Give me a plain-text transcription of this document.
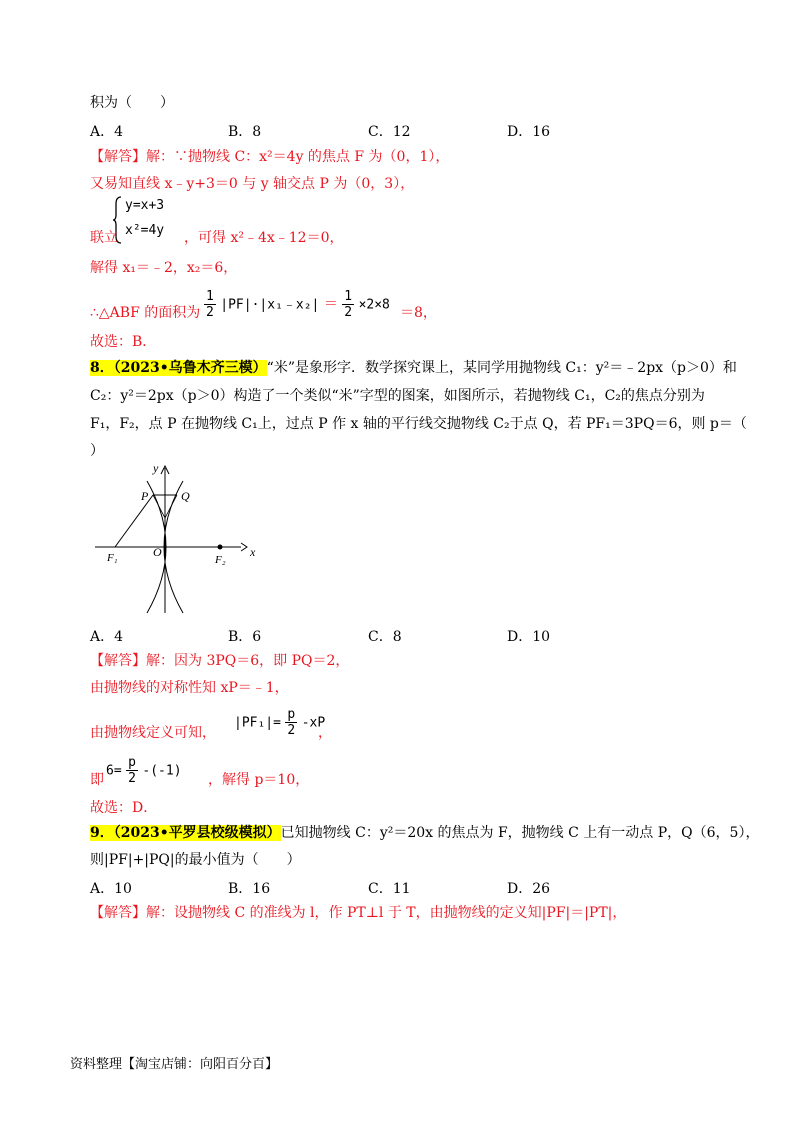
积为（　　）
A．4	B．8	C．12	D．16
【解答】解：∵抛物线 C：x²＝4y 的焦点 F 为（0，1），
又易知直线 x﹣y+3＝0 与 y 轴交点 P 为（0，3），
y=x+3
x²=4y
联立	，可得 x²﹣4x﹣12＝0，
解得 x₁＝﹣2，x₂＝6，
∴△ABF 的面积为 $\frac{1}{2}$ |PF|·|x₁﹣x₂| ＝ $\frac{1}{2} \times 2\times 8 =8$，
故选：B．
8．（2023•乌鲁木齐三模）“米”是象形字．数学探究课上，某同学用抛物线 C₁：y²＝﹣2px（p＞0）和
C₂：y²＝2px（p＞0）构造了一个类似“米”字型的图案，如图所示，若抛物线 C₁，C₂的焦点分别为
F₁，F₂，点 P 在抛物线 C₁上，过点 P 作 x 轴的平行线交抛物线 C₂于点 Q，若 PF₁＝3PQ＝6，则 p＝（
）
y
x
P	Q
O
F₁	F₂
A．4	B．6	C．8	D．10
【解答】解：因为 3PQ＝6，即 PQ＝2，
由抛物线的对称性知 xP＝﹣1，
由抛物线定义可知，
$|PF_1|= \frac{p}{2} -xP$
，
即
$6= \frac{p}{2} -(-1)$
，解得 p＝10，
故选：D．
9．（2023•平罗县校级模拟）已知抛物线 C：y²＝20x 的焦点为 F，抛物线 C 上有一动点 P，Q（6，5），
则|PF|+|PQ|的最小值为（　　）
A．10	B．16	C．11	D．26
【解答】解：设抛物线 C 的准线为 l，作 PT⊥l 于 T，由抛物线的定义知|PF|＝|PT|，
资料整理【淘宝店铺：向阳百分百】
